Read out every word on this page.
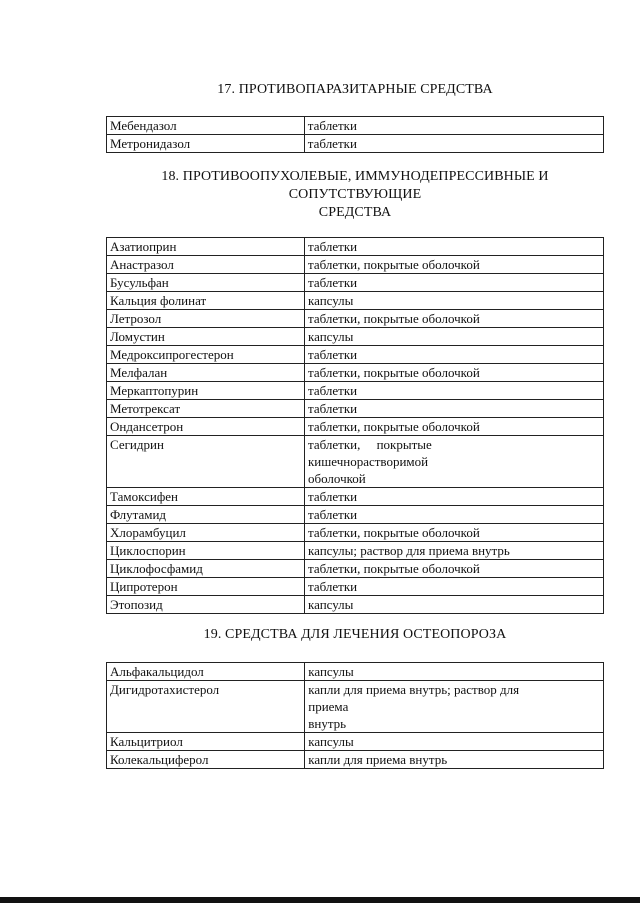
17. ПРОТИВОПАРАЗИТАРНЫЕ СРЕДСТВА
Мебендазол	таблетки
Метронидазол	таблетки
18. ПРОТИВООПУХОЛЕВЫЕ, ИММУНОДЕПРЕССИВНЫЕ И
СОПУТСТВУЮЩИЕ
СРЕДСТВА
Азатиоприн	таблетки
Анастразол	таблетки, покрытые оболочкой
Бусульфан	таблетки
Кальция фолинат	капсулы
Летрозол	таблетки, покрытые оболочкой
Ломустин	капсулы
Медроксипрогестерон	таблетки
Мелфалан	таблетки, покрытые оболочкой
Меркаптопурин	таблетки
Метотрексат	таблетки
Ондансетрон	таблетки, покрытые оболочкой
Сегидрин	таблетки,     покрытые
кишечнорастворимой
оболочкой

Тамоксифен	таблетки
Флутамид	таблетки
Хлорамбуцил	таблетки, покрытые оболочкой
Циклоспорин	капсулы; раствор для приема внутрь
Циклофосфамид	таблетки, покрытые оболочкой
Ципротерон	таблетки
Этопозид	капсулы
19. СРЕДСТВА ДЛЯ ЛЕЧЕНИЯ ОСТЕОПОРОЗА
Альфакальцидол	капсулы
Дигидротахистерол	капли для приема внутрь; раствор для
приема
внутрь

Кальцитриол	капсулы
Колекальциферол	капли для приема внутрь
